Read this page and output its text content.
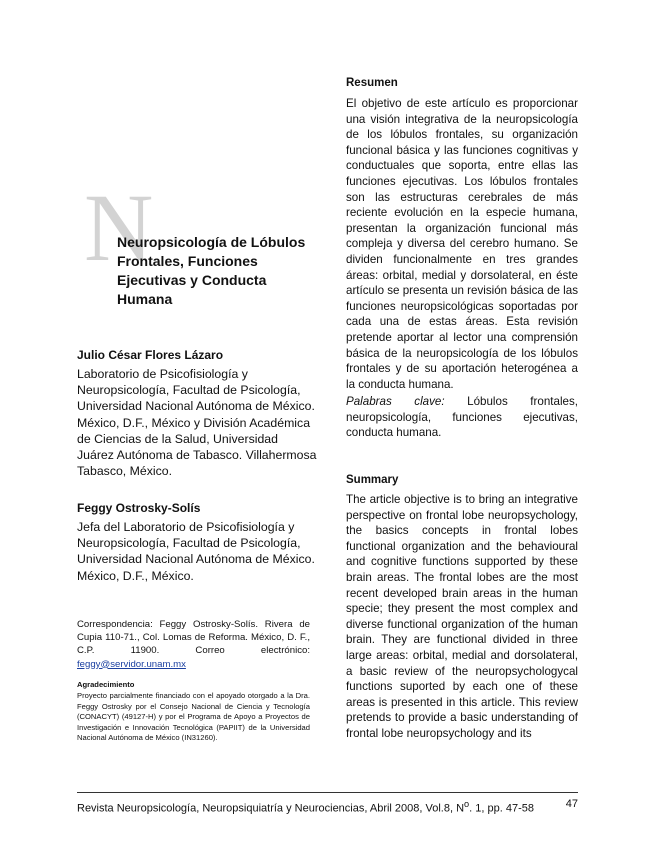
N
Neuropsicología de Lóbulos Frontales, Funciones Ejecutivas y Conducta Humana

Julio César Flores Lázaro

Laboratorio de Psicofisiología y Neuropsicología, Facultad de Psicología, Universidad Nacional Autónoma de México. México, D.F., México y División Académica de Ciencias de la Salud, Universidad Juárez Autónoma de Tabasco. Villahermosa Tabasco, México.

Feggy Ostrosky-Solís

Jefa del Laboratorio de Psicofisiología y Neuropsicología, Facultad de Psicología, Universidad Nacional Autónoma de México. México, D.F., México.

Correspondencia: Feggy Ostrosky-Solís. Rivera de Cupia 110-71., Col. Lomas de Reforma. México, D. F., C.P. 11900. Correo electrónico: feggy@servidor.unam.mx

Agradecimiento

Proyecto parcialmente financiado con el apoyado otorgado a la Dra. Feggy Ostrosky por el Consejo Nacional de Ciencia y Tecnología (CONACYT) (49127-H) y por el Programa de Apoyo a Proyectos de Investigación e Innovación Tecnológica (PAPIIT) de la Universidad Nacional Autónoma de México (IN31260).

Resumen

El objetivo de este artículo es proporcionar una visión integrativa de la neuropsicología de los lóbulos frontales, su organización funcional básica y las funciones cognitivas y conductuales que soporta, entre ellas las funciones ejecutivas. Los lóbulos frontales son las estructuras cerebrales de más reciente evolución en la especie humana, presentan la organización funcional más compleja y diversa del cerebro humano. Se dividen funcionalmente en tres grandes áreas: orbital, medial y dorsolateral, en éste artículo se presenta un revisión básica de las funciones neuropsicológicas soportadas por cada una de estas áreas. Esta revisión pretende aportar al lector una comprensión básica de la neuropsicología de los lóbulos frontales y de su aportación heterogénea a la conducta humana.

Palabras clave: Lóbulos frontales, neuropsicología, funciones ejecutivas, conducta humana.

Summary

The article objective is to bring an integrative perspective on frontal lobe neuropsychology, the basics concepts in frontal lobes functional organization and the behavioural and cognitive functions supported by these brain areas. The frontal lobes are the most recent developed brain areas in the human specie; they present the most complex and diverse functional organization of the human brain. They are functional divided in three large areas: orbital, medial and dorsolateral, a basic review of the neuropsychologycal functions suported by each one of these areas is presented in this article. This review pretends to provide a basic understanding of frontal lobe neuropsychology and its

Revista Neuropsicología, Neuropsiquiatría y Neurociencias, Abril 2008, Vol.8, $N^o$. 1, pp. 47-58	47
